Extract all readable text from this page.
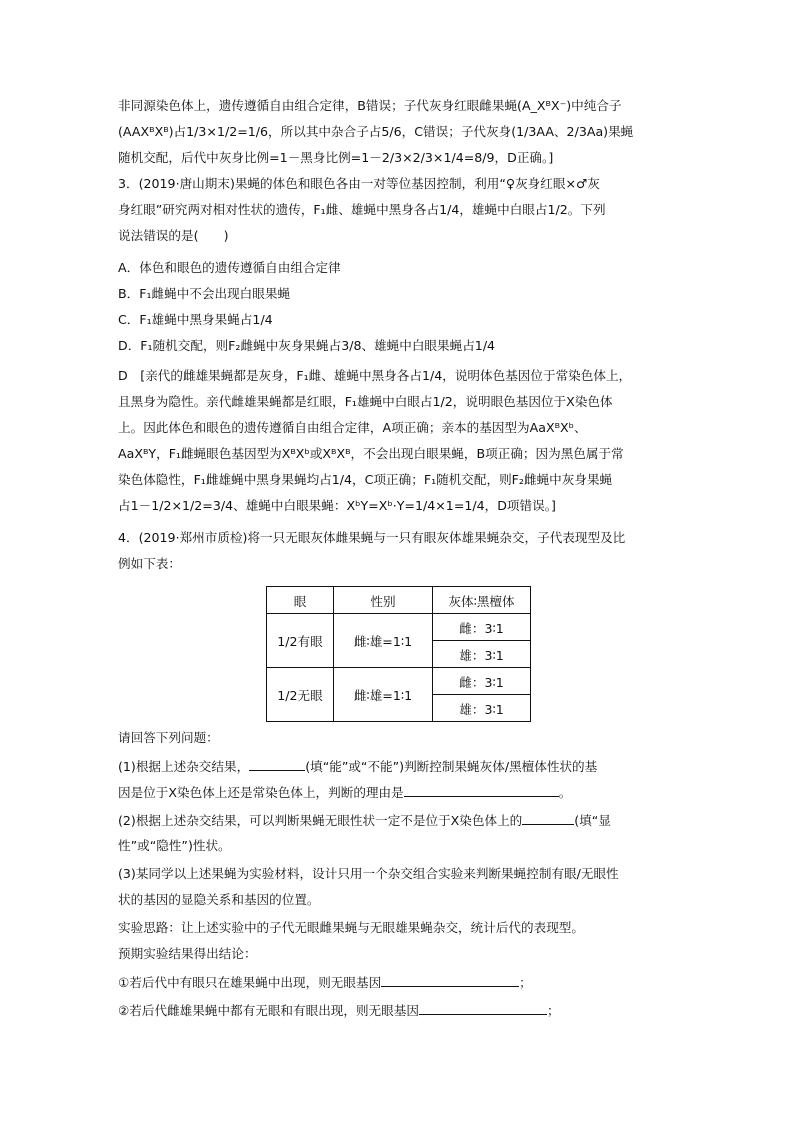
非同源染色体上，遗传遵循自由组合定律，B错误；子代灰身红眼雌果蝇(A_XᴮX⁻)中纯合子
(AAXᴮXᴮ)占1/3×1/2=1/6，所以其中杂合子占5/6，C错误；子代灰身(1/3AA、2/3Aa)果蝇
随机交配，后代中灰身比例=1－黑身比例=1－2/3×2/3×1/4=8/9，D正确。]
3．(2019·唐山期末)果蝇的体色和眼色各由一对等位基因控制，利用“♀灰身红眼×♂灰
身红眼”研究两对相对性状的遗传，F₁雌、雄蝇中黑身各占1/4，雄蝇中白眼占1/2。下列
说法错误的是(　　)
A．体色和眼色的遗传遵循自由组合定律
B．F₁雌蝇中不会出现白眼果蝇
C．F₁雄蝇中黑身果蝇占1/4
D．F₁随机交配，则F₂雌蝇中灰身果蝇占3/8、雄蝇中白眼果蝇占1/4
D　[亲代的雌雄果蝇都是灰身，F₁雌、雄蝇中黑身各占1/4，说明体色基因位于常染色体上，
且黑身为隐性。亲代雌雄果蝇都是红眼，F₁雄蝇中白眼占1/2，说明眼色基因位于X染色体
上。因此体色和眼色的遗传遵循自由组合定律，A项正确；亲本的基因型为AaXᴮXᵇ、
AaXᴮY，F₁雌蝇眼色基因型为XᴮXᵇ或XᴮXᴮ，不会出现白眼果蝇，B项正确；因为黑色属于常
染色体隐性，F₁雌雄蝇中黑身果蝇均占1/4，C项正确；F₁随机交配，则F₂雌蝇中灰身果蝇
占1－1/2×1/2=3/4、雄蝇中白眼果蝇：XᵇY=Xᵇ·Y=1/4×1=1/4，D项错误。]
4．(2019·郑州市质检)将一只无眼灰体雌果蝇与一只有眼灰体雄果蝇杂交，子代表现型及比
例如下表：
眼	性别	灰体∶黑檀体
1/2有眼	雌∶雄=1∶1	雌：3∶1
		雄：3∶1
1/2无眼	雌∶雄=1∶1	雌：3∶1
		雄：3∶1
请回答下列问题：
(1)根据上述杂交结果，	(填“能”或“不能”)判断控制果蝇灰体/黑檀体性状的基
因是位于X染色体上还是常染色体上，判断的理由是	。
(2)根据上述杂交结果，可以判断果蝇无眼性状一定不是位于X染色体上的	(填“显
性”或“隐性”)性状。
(3)某同学以上述果蝇为实验材料，设计只用一个杂交组合实验来判断果蝇控制有眼/无眼性
状的基因的显隐关系和基因的位置。
实验思路：让上述实验中的子代无眼雌果蝇与无眼雄果蝇杂交，统计后代的表现型。
预期实验结果得出结论：
①若后代中有眼只在雄果蝇中出现，则无眼基因	；
②若后代雌雄果蝇中都有无眼和有眼出现，则无眼基因	；
